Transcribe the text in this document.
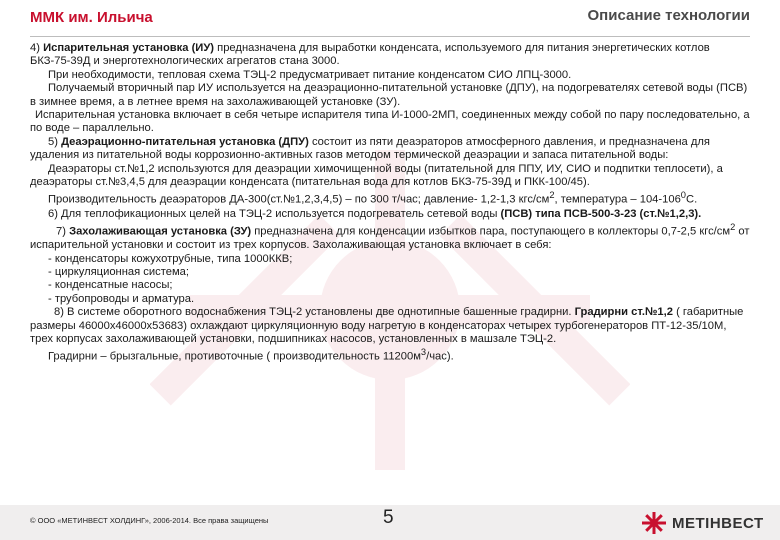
ММК им. Ильича	Описание технологии

4) Испарительная установка (ИУ) предназначена для выработки конденсата, используемого для питания энергетических котлов БКЗ-75-39Д и энерготехнологических агрегатов стана 3000.

При необходимости, тепловая схема ТЭЦ-2 предусматривает питание конденсатом СИО ЛПЦ-3000.

Получаемый вторичный пар ИУ используется на деаэрационно-питательной установке (ДПУ), на подогревателях сетевой воды (ПСВ) в зимнее время, а в летнее время на захолаживающей установке (ЗУ).

Испарительная установка включает в себя четыре испарителя типа И-1000-2МП, соединенных между собой по пару последовательно, а по воде – параллельно.

5) Деаэрационно-питательная установка (ДПУ) состоит из пяти деаэраторов атмосферного давления, и предназначена для удаления из питательной воды коррозионно-активных газов методом термической деаэрации и запаса питательной воды:

Деаэраторы ст.№1,2 используются для деаэрации химочищенной воды (питательной для ППУ, ИУ, СИО и подпитки теплосети), а деаэраторы ст.№3,4,5 для деаэрации конденсата (питательная вода для котлов БКЗ-75-39Д и ПКК-100/45).

Производительность деаэраторов ДА-300(ст.№1,2,3,4,5) – по 300 т/час; давление- 1,2-1,3 кгс/$см^2$, температура – $104-106^0С$.

6) Для теплофикационных целей на ТЭЦ-2 используется подогреватель сетевой воды (ПСВ) типа ПСВ-500-3-23 (ст.№1,2,3).

7) Захолаживающая установка (ЗУ) предназначена для конденсации избытков пара, поступающего в коллекторы 0,7-2,5 кгс/$см^2$ от испарительной установки и состоит из трех корпусов. Захолаживающая установка включает в себя:

- конденсаторы кожухотрубные, типа 1000ККВ;

- циркуляционная система;

- конденсатные насосы;

- трубопроводы и арматура.

8) В системе оборотного водоснабжения ТЭЦ-2 установлены две однотипные башенные градирни. Градирни ст.№1,2 ( габаритные размеры 46000х46000х53683) охлаждают циркуляционную воду нагретую в конденсаторах четырех турбогенераторов ПТ-12-35/10М, трех корпусах захолаживающей установки, подшипниках насосов, установленных в машзале ТЭЦ-2.

Градирни – брызгальные, противоточные ( производительность $11200м^3/час$).

© ООО «МЕТИНВЕСТ ХОЛДИНГ», 2006-2014. Все права защищены	5	МЕТІНВЕСТ
